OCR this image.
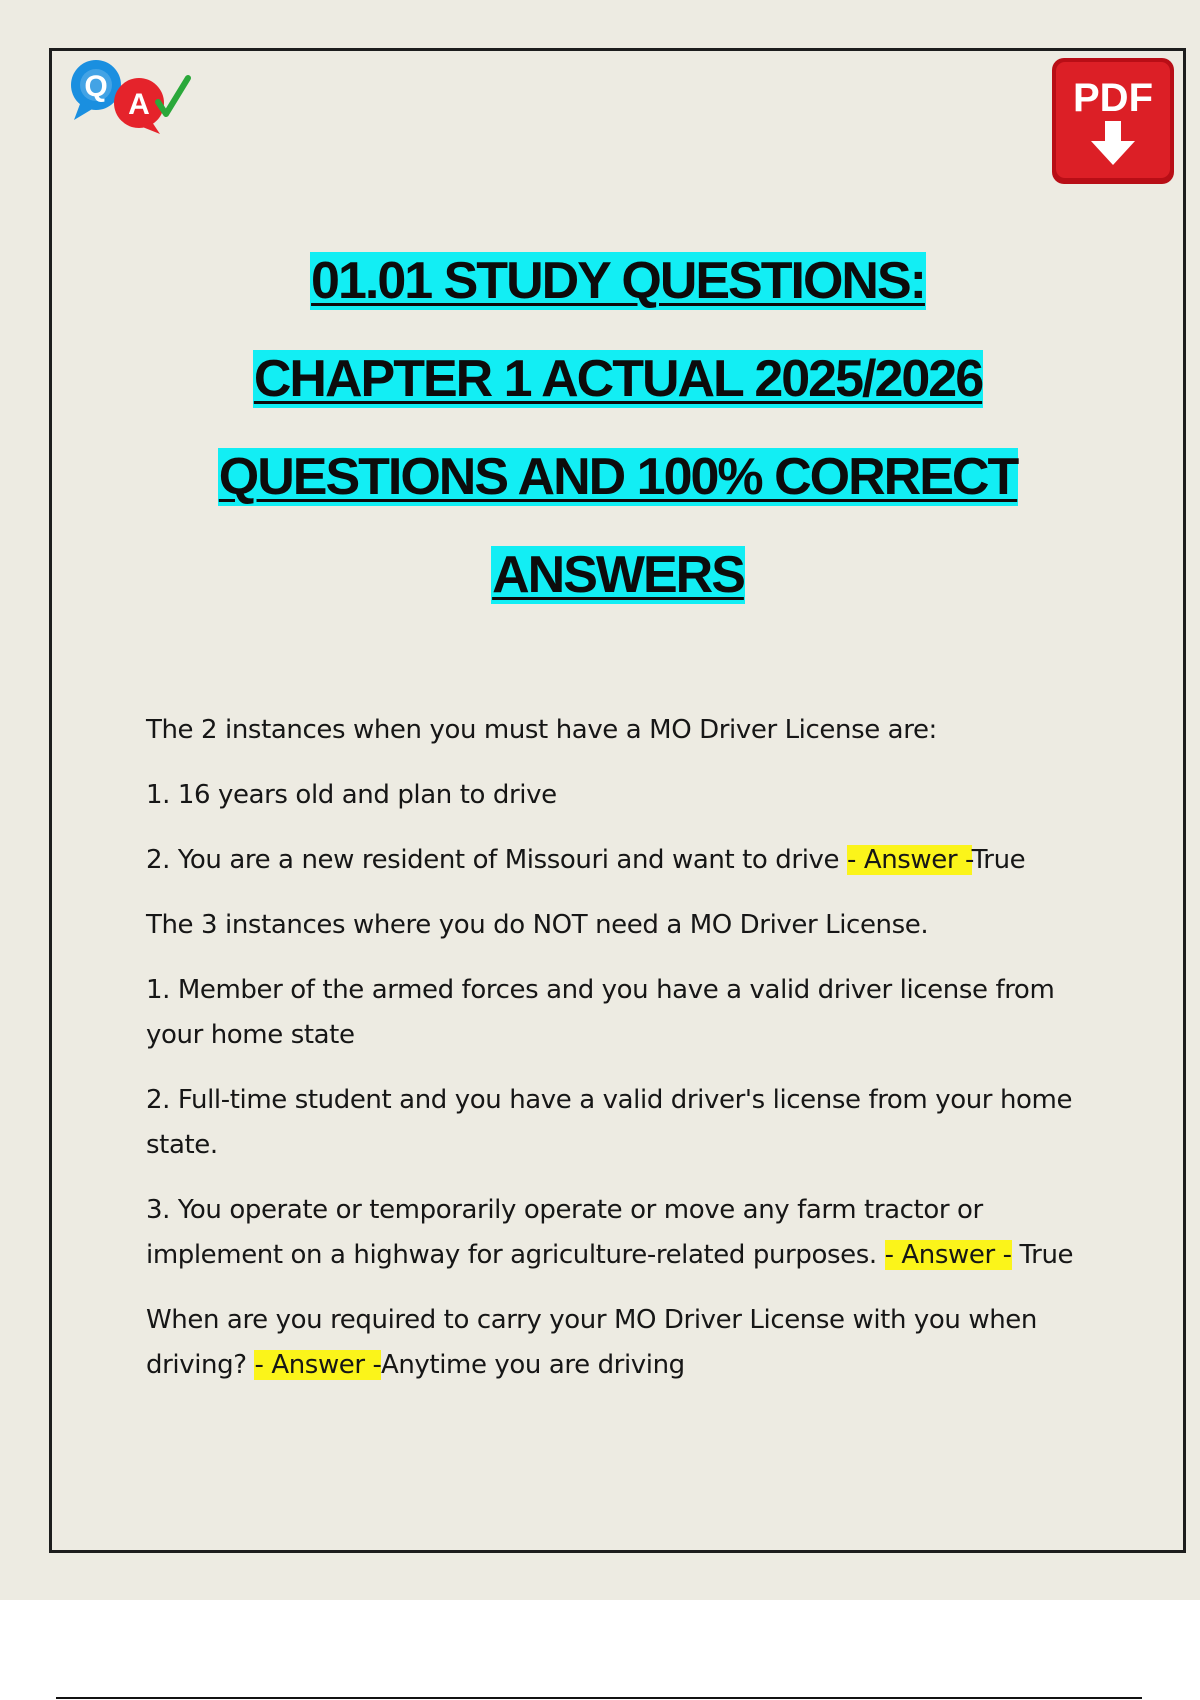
Q
A	PDF
01.01 STUDY QUESTIONS:
CHAPTER 1 ACTUAL 2025/2026
QUESTIONS AND 100% CORRECT
ANSWERS

The 2 instances when you must have a MO Driver License are:

1. 16 years old and plan to drive

2. You are a new resident of Missouri and want to drive - Answer -True

The 3 instances where you do NOT need a MO Driver License.

1. Member of the armed forces and you have a valid driver license from your home state

2. Full-time student and you have a valid driver's license from your home state.

3. You operate or temporarily operate or move any farm tractor or implement on a highway for agriculture-related purposes. - Answer - True

When are you required to carry your MO Driver License with you when driving? - Answer -Anytime you are driving
